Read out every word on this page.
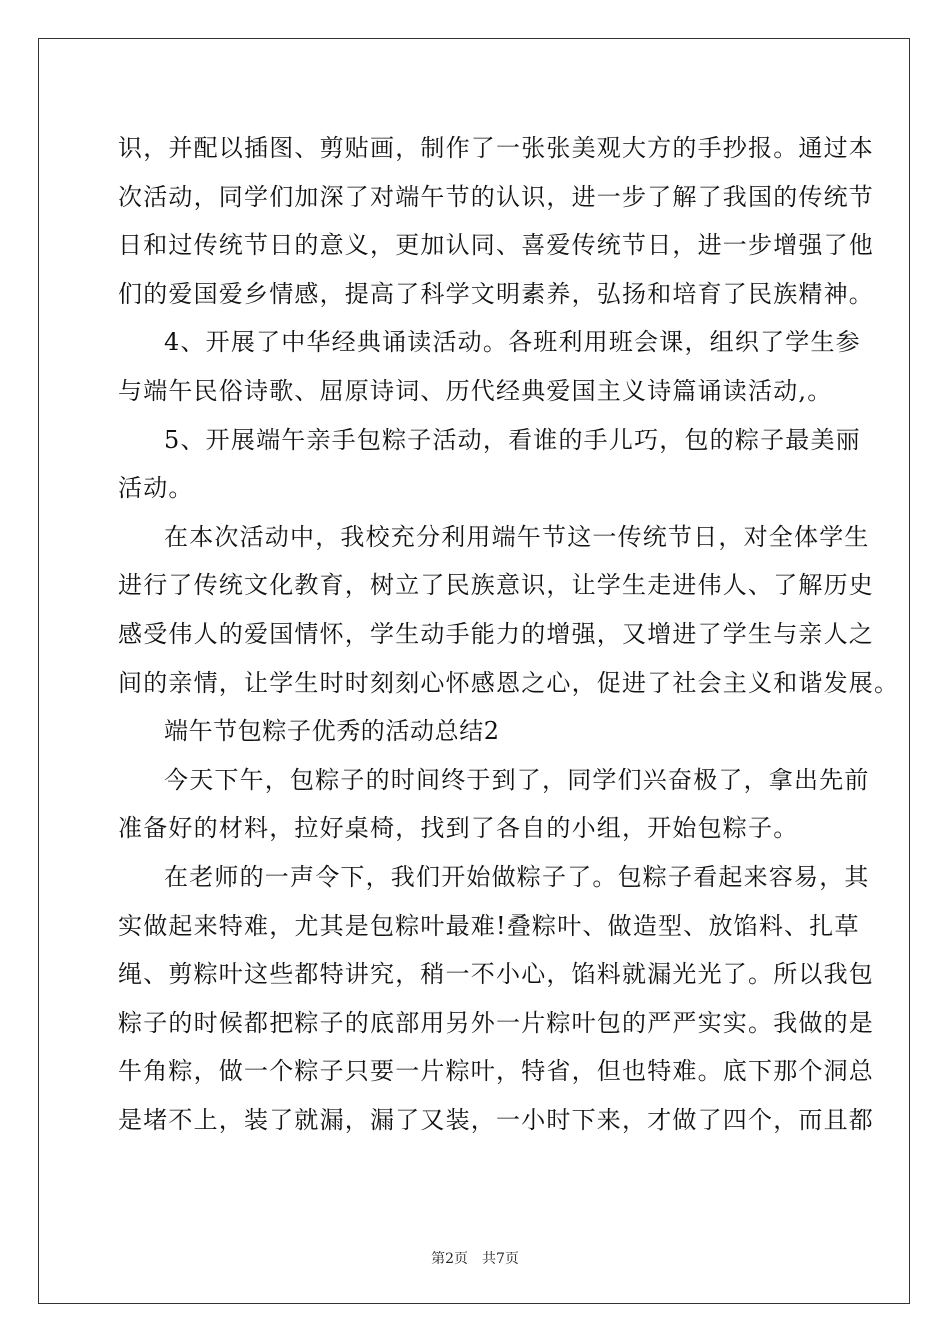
识，并配以插图、剪贴画，制作了一张张美观大方的手抄报。通过本
次活动，同学们加深了对端午节的认识，进一步了解了我国的传统节
日和过传统节日的意义，更加认同、喜爱传统节日，进一步增强了他
们的爱国爱乡情感，提高了科学文明素养，弘扬和培育了民族精神。
4、开展了中华经典诵读活动。各班利用班会课，组织了学生参
与端午民俗诗歌、屈原诗词、历代经典爱国主义诗篇诵读活动,。
5、开展端午亲手包粽子活动，看谁的手儿巧，包的粽子最美丽
活动。
在本次活动中，我校充分利用端午节这一传统节日，对全体学生
进行了传统文化教育，树立了民族意识，让学生走进伟人、了解历史
感受伟人的爱国情怀，学生动手能力的增强，又增进了学生与亲人之
间的亲情，让学生时时刻刻心怀感恩之心，促进了社会主义和谐发展。
端午节包粽子优秀的活动总结2
今天下午，包粽子的时间终于到了，同学们兴奋极了，拿出先前
准备好的材料，拉好桌椅，找到了各自的小组，开始包粽子。
在老师的一声令下，我们开始做粽子了。包粽子看起来容易，其
实做起来特难，尤其是包粽叶最难!叠粽叶、做造型、放馅料、扎草
绳、剪粽叶这些都特讲究，稍一不小心，馅料就漏光光了。所以我包
粽子的时候都把粽子的底部用另外一片粽叶包的严严实实。我做的是
牛角粽，做一个粽子只要一片粽叶，特省，但也特难。底下那个洞总
是堵不上，装了就漏，漏了又装，一小时下来，才做了四个，而且都
第2页 共7页
